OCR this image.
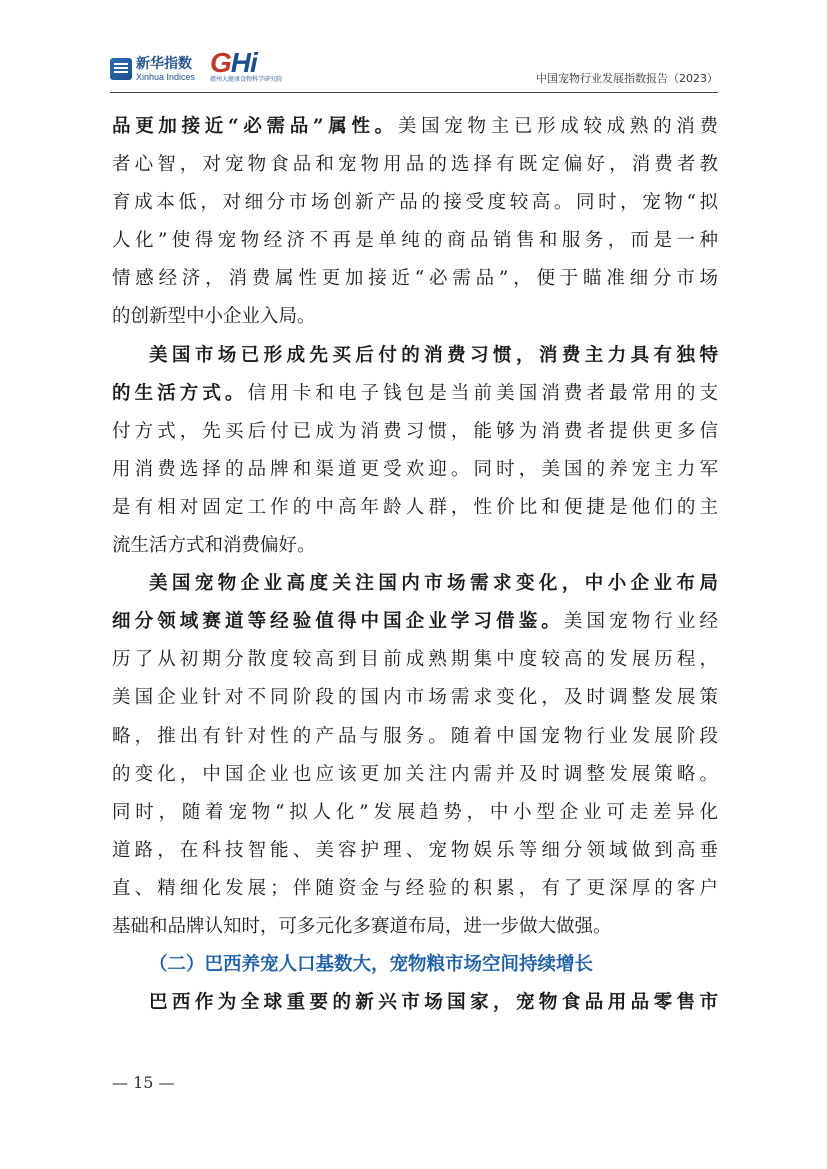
新华指数
Xinhua Indices GHi
赣州大健康食物科学研究院	中国宠物行业发展指数报告（2023）
品更加接近“必需品”属性。美国宠物主已形成较成熟的消费
者心智，对宠物食品和宠物用品的选择有既定偏好，消费者教
育成本低，对细分市场创新产品的接受度较高。同时，宠物“拟
人化”使得宠物经济不再是单纯的商品销售和服务，而是一种
情感经济，消费属性更加接近“必需品”，便于瞄准细分市场
的创新型中小企业入局。
美国市场已形成先买后付的消费习惯，消费主力具有独特
的生活方式。信用卡和电子钱包是当前美国消费者最常用的支
付方式，先买后付已成为消费习惯，能够为消费者提供更多信
用消费选择的品牌和渠道更受欢迎。同时，美国的养宠主力军
是有相对固定工作的中高年龄人群，性价比和便捷是他们的主
流生活方式和消费偏好。
美国宠物企业高度关注国内市场需求变化，中小企业布局
细分领域赛道等经验值得中国企业学习借鉴。美国宠物行业经
历了从初期分散度较高到目前成熟期集中度较高的发展历程，
美国企业针对不同阶段的国内市场需求变化，及时调整发展策
略，推出有针对性的产品与服务。随着中国宠物行业发展阶段
的变化，中国企业也应该更加关注内需并及时调整发展策略。
同时，随着宠物“拟人化”发展趋势，中小型企业可走差异化
道路，在科技智能、美容护理、宠物娱乐等细分领域做到高垂
直、精细化发展；伴随资金与经验的积累，有了更深厚的客户
基础和品牌认知时，可多元化多赛道布局，进一步做大做强。
（二）巴西养宠人口基数大，宠物粮市场空间持续增长
巴西作为全球重要的新兴市场国家，宠物食品用品零售市
— 15 —
